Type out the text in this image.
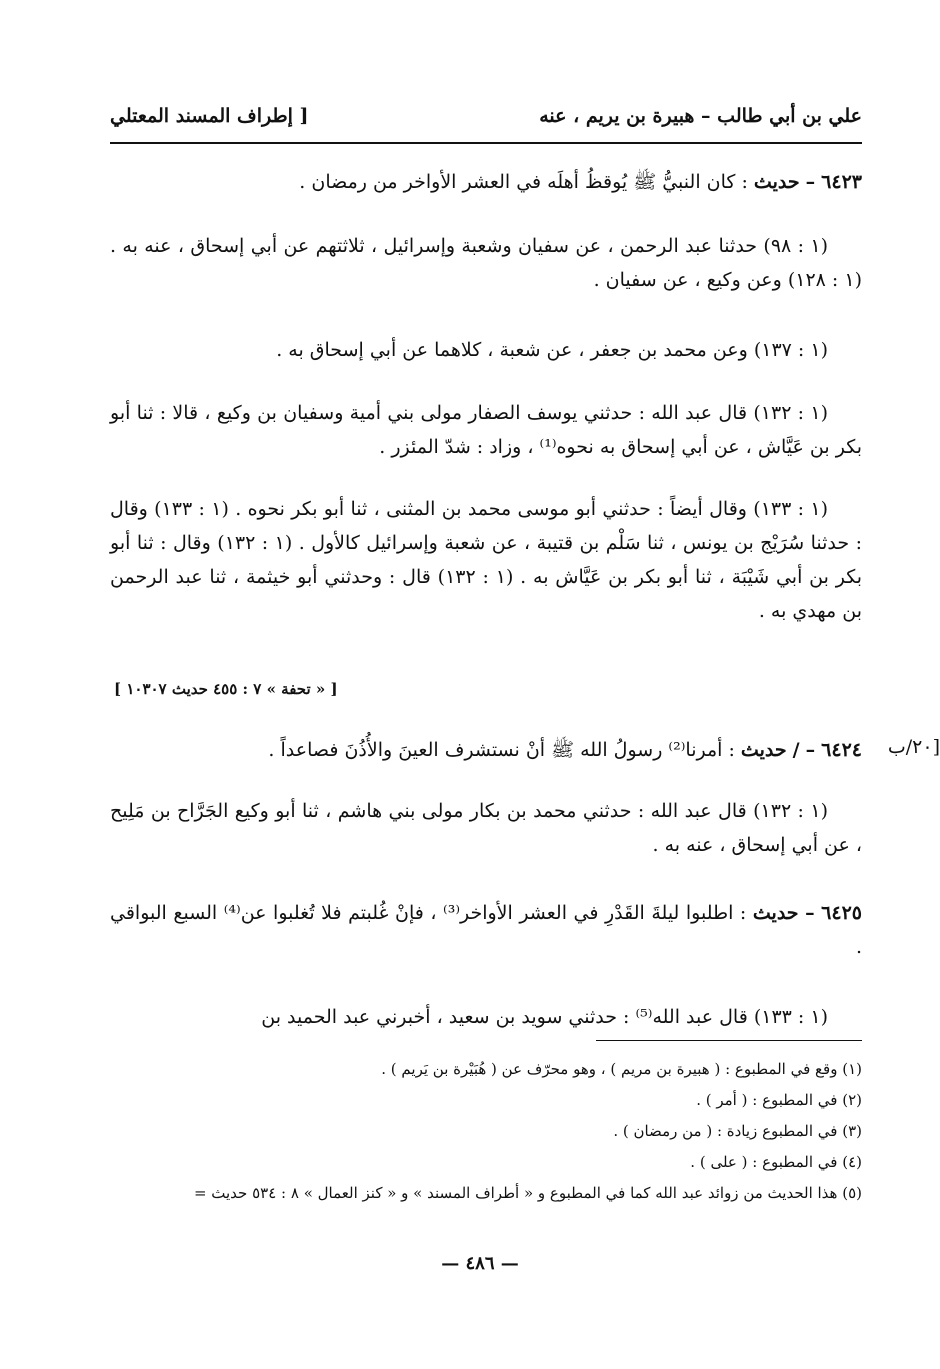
علي بن أبي طالب – هبيرة بن يريم ، عنه
[ إطراف المسند المعتلي
٦٤٢٣ – حديث : كان النبيُّ ﷺ يُوقظُ أهلَه في العشر الأواخر من رمضان .
(١ : ٩٨) حدثنا عبد الرحمن ، عن سفيان وشعبة وإسرائيل ، ثلاثتهم عن أبي إسحاق ، عنه به . (١ : ١٢٨) وعن وكيع ، عن سفيان .
(١ : ١٣٧) وعن محمد بن جعفر ، عن شعبة ، كلاهما عن أبي إسحاق به .
(١ : ١٣٢) قال عبد الله : حدثني يوسف الصفار مولى بني أمية وسفيان بن وكيع ، قالا : ثنا أبو بكر بن عَيَّاش ، عن أبي إسحاق به نحوه⁽¹⁾ ، وزاد : شدّ المئزر .
(١ : ١٣٣) وقال أيضاً : حدثني أبو موسى محمد بن المثنى ، ثنا أبو بكر نحوه . (١ : ١٣٣) وقال : حدثنا سُرَيْج بن يونس ، ثنا سَلْم بن قتيبة ، عن شعبة وإسرائيل كالأول . (١ : ١٣٢) وقال : ثنا أبو بكر بن أبي شَيْبَة ، ثنا أبو بكر بن عَيَّاش به . (١ : ١٣٢) قال : وحدثني أبو خيثمة ، ثنا عبد الرحمن بن مهدي به .
[ « تحفة » ٧ : ٤٥٥ حديث ١٠٣٠٧ ]
٢٠/ب]
٦٤٢٤ – / حديث : أمرنا⁽²⁾ رسولُ الله ﷺ أنْ نستشرف العينَ والأُذُنَ فصاعداً .
(١ : ١٣٢) قال عبد الله : حدثني محمد بن بكار مولى بني هاشم ، ثنا أبو وكيع الجَرَّاح بن مَلِيح ، عن أبي إسحاق ، عنه به .
٦٤٢٥ – حديث : اطلبوا ليلةَ القَدْرِ في العشر الأواخر⁽³⁾ ، فإنْ غُلبتم فلا تُغلبوا عن⁽⁴⁾ السبع البواقي .
(١ : ١٣٣) قال عبد الله⁽⁵⁾ : حدثني سويد بن سعيد ، أخبرني عبد الحميد بن
(١) وقع في المطبوع : ( هبيرة بن مريم ) ، وهو محرّف عن ( هُبَيْرة بن يَريم ) .
(٢) في المطبوع : ( أمر ) .
(٣) في المطبوع زيادة : ( من رمضان ) .
(٤) في المطبوع : ( على ) .
(٥) هذا الحديث من زوائد عبد الله كما في المطبوع و « أطراف المسند » و « كنز العمال » ٨ : ٥٣٤ حديث =
— ٤٨٦ —
